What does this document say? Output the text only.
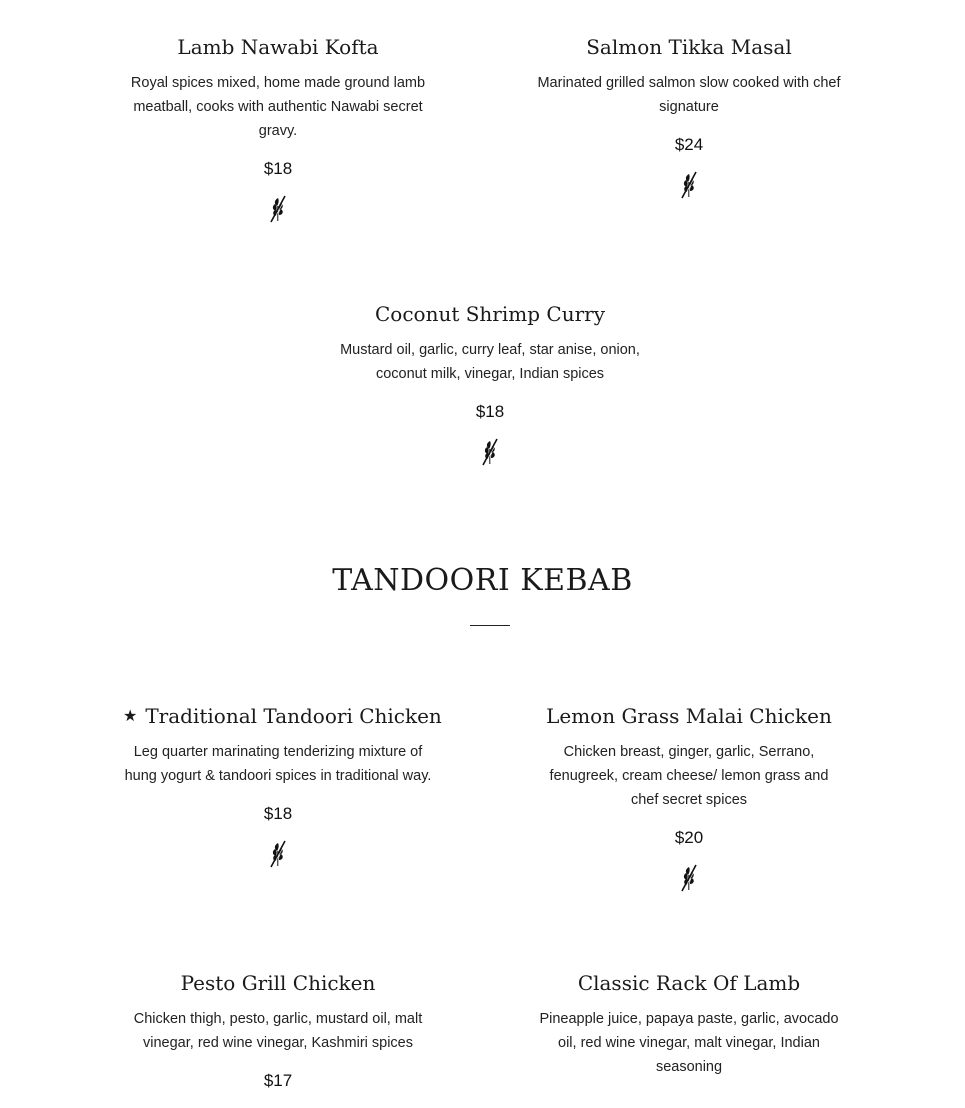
Lamb Nawabi Kofta
Royal spices mixed, home made ground lamb meatball, cooks with authentic Nawabi secret gravy.
$18
Salmon Tikka Masal
Marinated grilled salmon slow cooked with chef signature
$24
Coconut Shrimp Curry
Mustard oil, garlic, curry leaf, star anise, onion, coconut milk, vinegar, Indian spices
$18
TANDOORI KEBAB
★ Traditional Tandoori Chicken
Leg quarter marinating tenderizing mixture of hung yogurt & tandoori spices in traditional way.
$18
Lemon Grass Malai Chicken
Chicken breast, ginger, garlic, Serrano, fenugreek, cream cheese/ lemon grass and chef secret spices
$20
Pesto Grill Chicken
Chicken thigh, pesto, garlic, mustard oil, malt vinegar, red wine vinegar, Kashmiri spices
$17
Classic Rack Of Lamb
Pineapple juice, papaya paste, garlic, avocado oil, red wine vinegar, malt vinegar, Indian seasoning
